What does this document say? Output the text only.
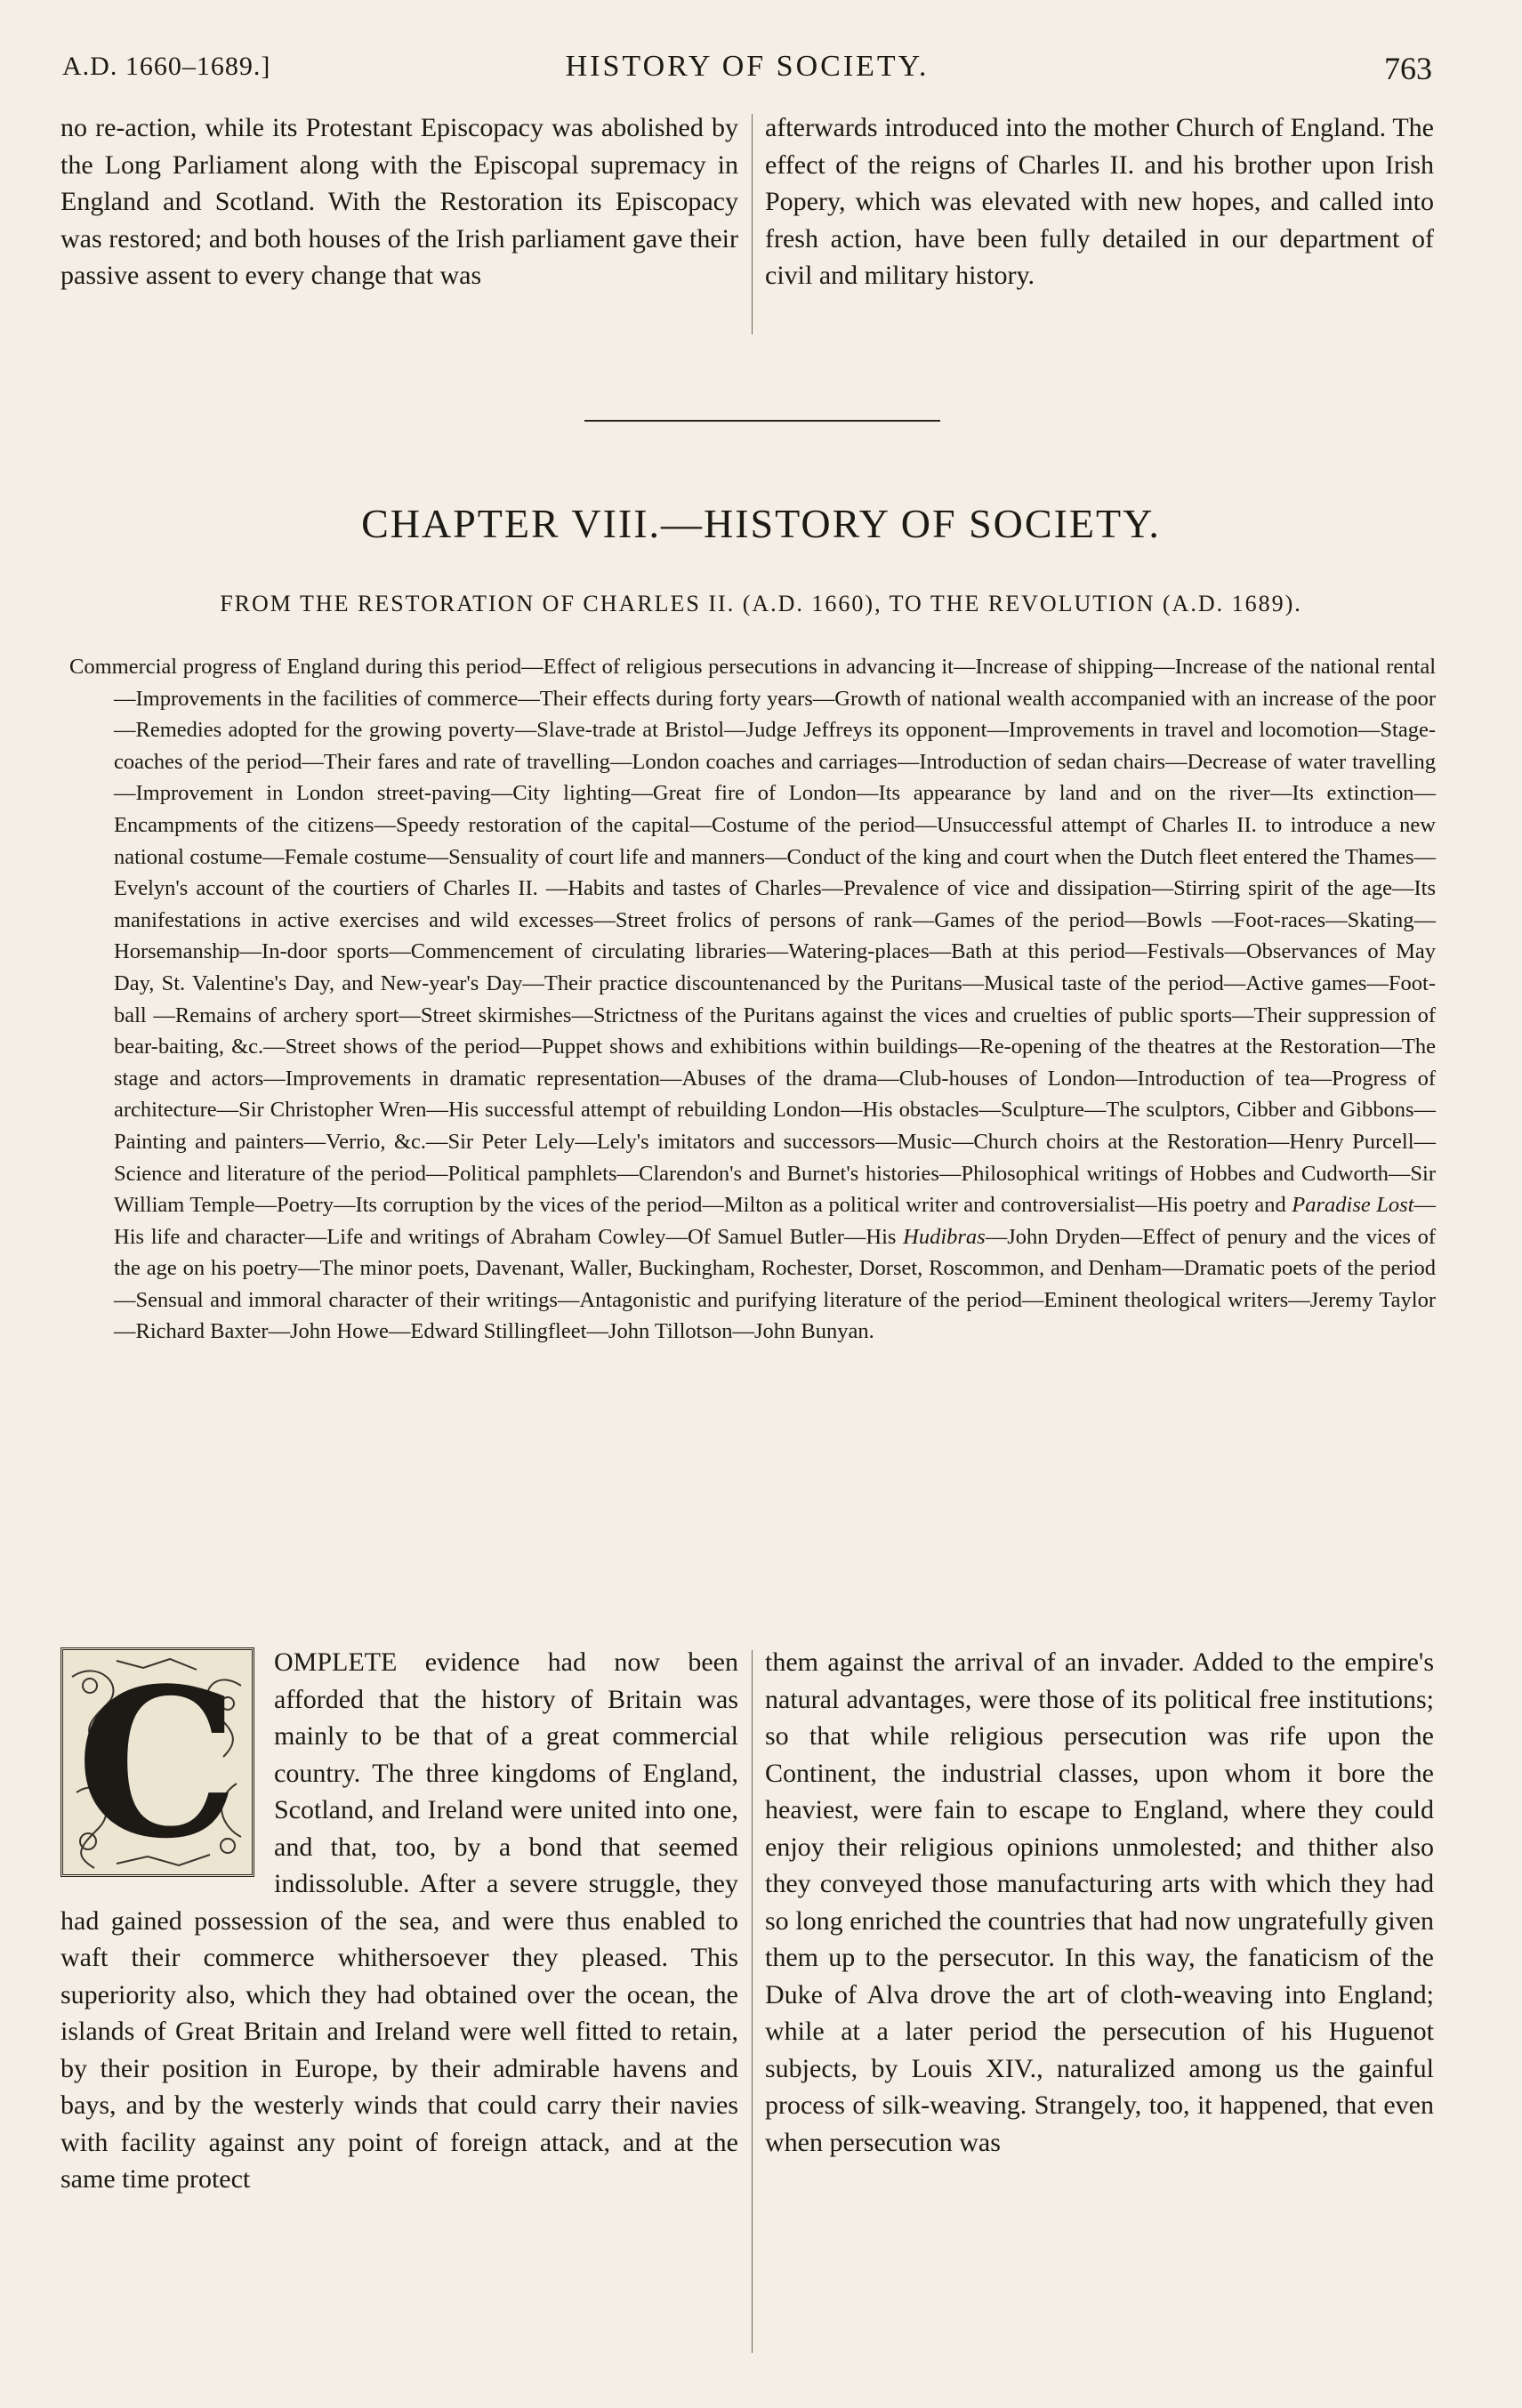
A.D. 1660–1689.]	HISTORY OF SOCIETY.	763

no re-action, while its Protestant Episcopacy was abolished by the Long Parliament along with the Episcopal supremacy in England and Scotland. With the Restoration its Episcopacy was restored; and both houses of the Irish parliament gave their passive assent to every change that was

afterwards introduced into the mother Church of England. The effect of the reigns of Charles II. and his brother upon Irish Popery, which was elevated with new hopes, and called into fresh action, have been fully detailed in our department of civil and military history.

CHAPTER VIII.—HISTORY OF SOCIETY.
FROM THE RESTORATION OF CHARLES II. (A.D. 1660), TO THE REVOLUTION (A.D. 1689).

Commercial progress of England during this period—Effect of religious persecutions in advancing it—Increase of shipping—Increase of the national rental—Improvements in the facilities of commerce—Their effects during forty years—Growth of national wealth accompanied with an increase of the poor—Remedies adopted for the growing poverty—Slave-trade at Bristol—Judge Jeffreys its opponent—Improvements in travel and locomotion—Stage-coaches of the period—Their fares and rate of travelling—London coaches and carriages—Introduction of sedan chairs—Decrease of water travelling—Improvement in London street-paving—City lighting—Great fire of London—Its appearance by land and on the river—Its extinction—Encampments of the citizens—Speedy restoration of the capital—Costume of the period—Unsuccessful attempt of Charles II. to introduce a new national costume—Female costume—Sensuality of court life and manners—Conduct of the king and court when the Dutch fleet entered the Thames—Evelyn's account of the courtiers of Charles II. —Habits and tastes of Charles—Prevalence of vice and dissipation—Stirring spirit of the age—Its manifestations in active exercises and wild excesses—Street frolics of persons of rank—Games of the period—Bowls —Foot-races—Skating—Horsemanship—In-door sports—Commencement of circulating libraries—Watering-places—Bath at this period—Festivals—Observances of May Day, St. Valentine's Day, and New-year's Day—Their practice discountenanced by the Puritans—Musical taste of the period—Active games—Foot-ball —Remains of archery sport—Street skirmishes—Strictness of the Puritans against the vices and cruelties of public sports—Their suppression of bear-baiting, &c.—Street shows of the period—Puppet shows and exhibitions within buildings—Re-opening of the theatres at the Restoration—The stage and actors—Improvements in dramatic representation—Abuses of the drama—Club-houses of London—Introduction of tea—Progress of architecture—Sir Christopher Wren—His successful attempt of rebuilding London—His obstacles—Sculpture—The sculptors, Cibber and Gibbons—Painting and painters—Verrio, &c.—Sir Peter Lely—Lely's imitators and successors—Music—Church choirs at the Restoration—Henry Purcell—Science and literature of the period—Political pamphlets—Clarendon's and Burnet's histories—Philosophical writings of Hobbes and Cudworth—Sir William Temple—Poetry—Its corruption by the vices of the period—Milton as a political writer and controversialist—His poetry and Paradise Lost—His life and character—Life and writings of Abraham Cowley—Of Samuel Butler—His Hudibras—John Dryden—Effect of penury and the vices of the age on his poetry—The minor poets, Davenant, Waller, Buckingham, Rochester, Dorset, Roscommon, and Denham—Dramatic poets of the period—Sensual and immoral character of their writings—Antagonistic and purifying literature of the period—Eminent theological writers—Jeremy Taylor—Richard Baxter—John Howe—Edward Stillingfleet—John Tillotson—John Bunyan.

C	OMPLETE evidence had now been afforded that the history of Britain was mainly to be that of a great commercial country. The three kingdoms of England, Scotland, and Ireland were united into one, and that, too, by a bond that seemed indissoluble. After a severe struggle, they had gained possession of the sea, and were thus enabled to waft their commerce whithersoever they pleased. This superiority also, which they had obtained over the ocean, the islands of Great Britain and Ireland were well fitted to retain, by their position in Europe, by their admirable havens and bays, and by the westerly winds that could carry their navies with facility against any point of foreign attack, and at the same time protect

them against the arrival of an invader. Added to the empire's natural advantages, were those of its political free institutions; so that while religious persecution was rife upon the Continent, the industrial classes, upon whom it bore the heaviest, were fain to escape to England, where they could enjoy their religious opinions unmolested; and thither also they conveyed those manufacturing arts with which they had so long enriched the countries that had now ungratefully given them up to the persecutor. In this way, the fanaticism of the Duke of Alva drove the art of cloth-weaving into England; while at a later period the persecution of his Huguenot subjects, by Louis XIV., naturalized among us the gainful process of silk-weaving. Strangely, too, it happened, that even when persecution was
